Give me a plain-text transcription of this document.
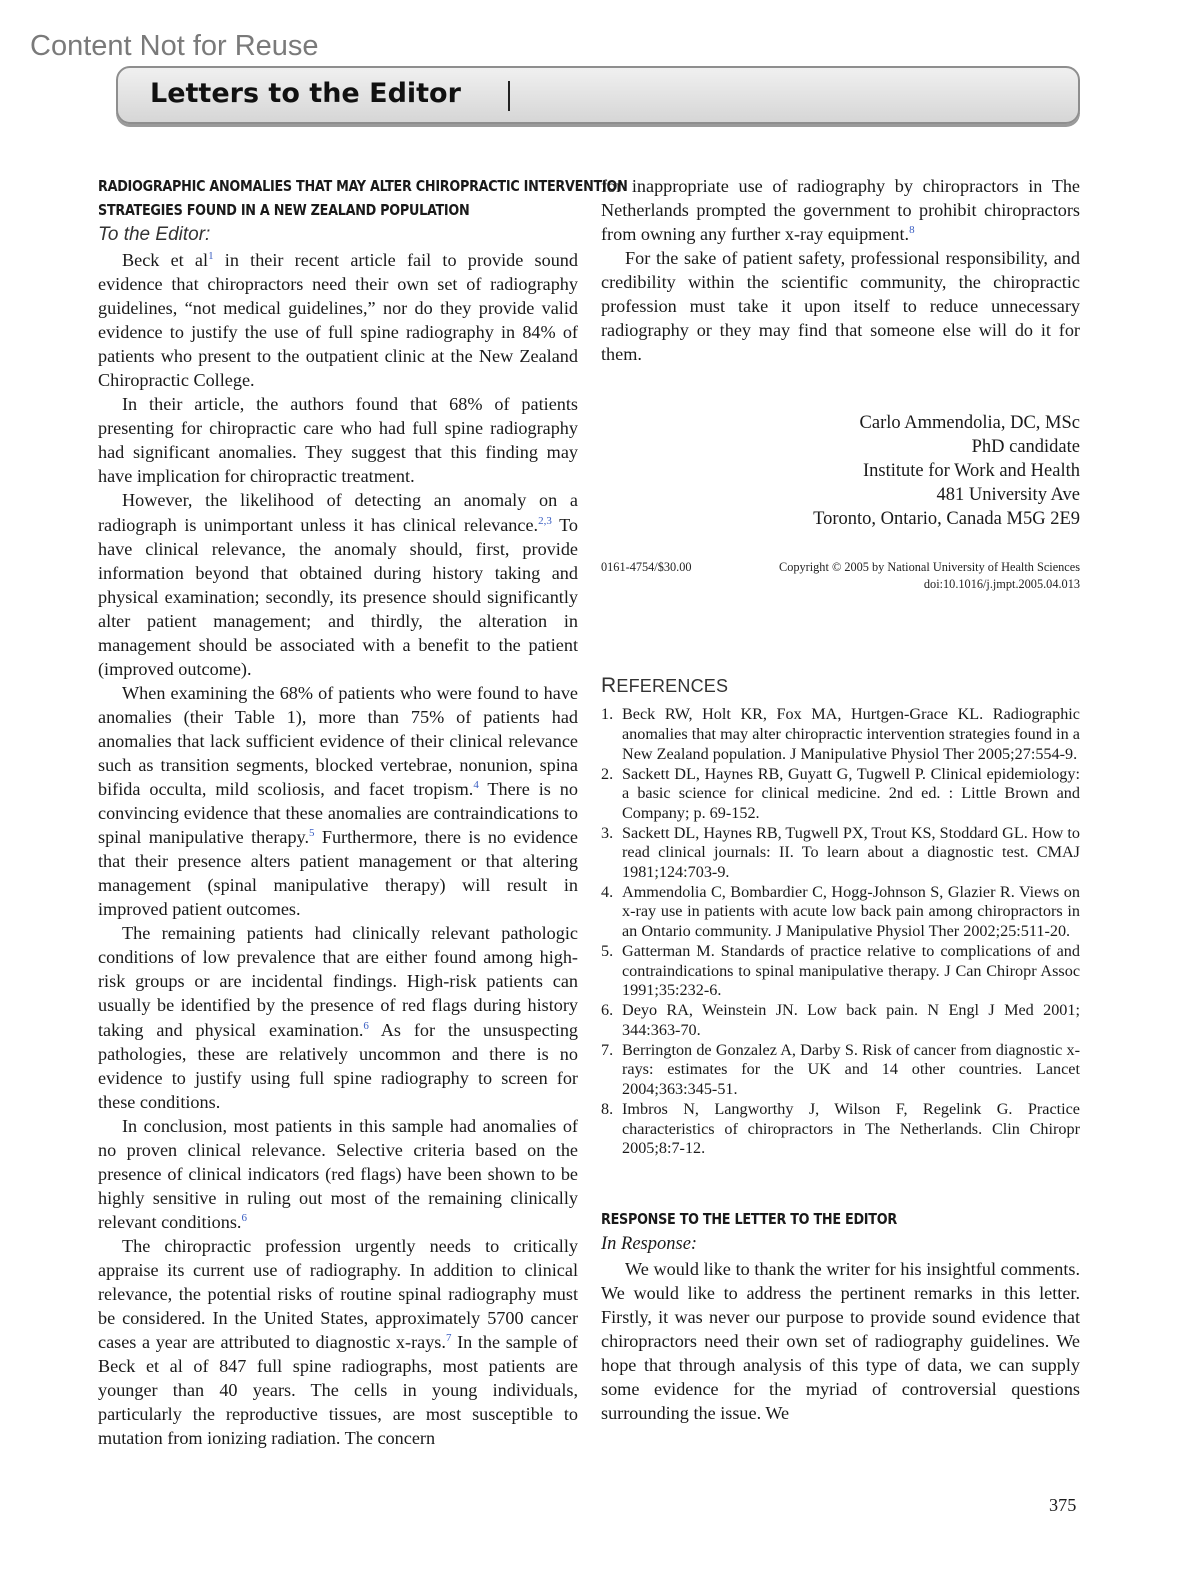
Content Not for Reuse
Letters to the Editor
RADIOGRAPHIC ANOMALIES THAT MAY ALTER CHIROPRACTIC INTERVENTION
STRATEGIES FOUND IN A NEW ZEALAND POPULATION
To the Editor:

Beck et $al^1$ in their recent article fail to provide sound evidence that chiropractors need their own set of radiography guidelines, “not medical guidelines,” nor do they provide valid evidence to justify the use of full spine radiography in 84% of patients who present to the outpatient clinic at the New Zealand Chiropractic College.

In their article, the authors found that 68% of patients presenting for chiropractic care who had full spine radiography had significant anomalies. They suggest that this finding may have implication for chiropractic treatment.

However, the likelihood of detecting an anomaly on a radiograph is unimportant unless it has clinical relevance.$^{2,3}$ To have clinical relevance, the anomaly should, first, provide information beyond that obtained during history taking and physical examination; secondly, its presence should significantly alter patient management; and thirdly, the alteration in management should be associated with a benefit to the patient (improved outcome).

When examining the 68% of patients who were found to have anomalies (their Table 1), more than 75% of patients had anomalies that lack sufficient evidence of their clinical relevance such as transition segments, blocked vertebrae, nonunion, spina bifida occulta, mild scoliosis, and facet tropism.$^4$ There is no convincing evidence that these anomalies are contraindications to spinal manipulative therapy.$^5$ Furthermore, there is no evidence that their presence alters patient management or that altering management (spinal manipulative therapy) will result in improved patient outcomes.

The remaining patients had clinically relevant pathologic conditions of low prevalence that are either found among high-risk groups or are incidental findings. High-risk patients can usually be identified by the presence of red flags during history taking and physical examination.$^6$ As for the unsuspecting pathologies, these are relatively uncommon and there is no evidence to justify using full spine radiography to screen for these conditions.

In conclusion, most patients in this sample had anomalies of no proven clinical relevance. Selective criteria based on the presence of clinical indicators (red flags) have been shown to be highly sensitive in ruling out most of the remaining clinically relevant conditions.$^6$

The chiropractic profession urgently needs to critically appraise its current use of radiography. In addition to clinical relevance, the potential risks of routine spinal radiography must be considered. In the United States, approximately 5700 cancer cases a year are attributed to diagnostic x-rays.$^7$ In the sample of Beck et al of 847 full spine radiographs, most patients are younger than 40 years. The cells in young individuals, particularly the reproductive tissues, are most susceptible to mutation from ionizing radiation. The concern

for inappropriate use of radiography by chiropractors in The Netherlands prompted the government to prohibit chiropractors from owning any further x-ray equipment.$^8$

For the sake of patient safety, professional responsibility, and credibility within the scientific community, the chiropractic profession must take it upon itself to reduce unnecessary radiography or they may find that someone else will do it for them.

Carlo Ammendolia, DC, MSc
PhD candidate
Institute for Work and Health
481 University Ave
Toronto, Ontario, Canada M5G 2E9
0161-4754/$30.00	Copyright © 2005 by National University of Health Sciences
doi:10.1016/j.jmpt.2005.04.013
REFERENCES
1. Beck RW, Holt KR, Fox MA, Hurtgen-Grace KL. Radiographic anomalies that may alter chiropractic intervention strategies found in a New Zealand population. J Manipulative Physiol Ther 2005;27:554-9.
2. Sackett DL, Haynes RB, Guyatt G, Tugwell P. Clinical epidemiology: a basic science for clinical medicine. 2nd ed. : Little Brown and Company; p. 69-152.
3. Sackett DL, Haynes RB, Tugwell PX, Trout KS, Stoddard GL. How to read clinical journals: II. To learn about a diagnostic test. CMAJ 1981;124:703-9.
4. Ammendolia C, Bombardier C, Hogg-Johnson S, Glazier R. Views on x-ray use in patients with acute low back pain among chiropractors in an Ontario community. J Manipulative Physiol Ther 2002;25:511-20.
5. Gatterman M. Standards of practice relative to complications of and contraindications to spinal manipulative therapy. J Can Chiropr Assoc 1991;35:232-6.
6. Deyo RA, Weinstein JN. Low back pain. N Engl J Med 2001; 344:363-70.
7. Berrington de Gonzalez A, Darby S. Risk of cancer from diagnostic x-rays: estimates for the UK and 14 other countries. Lancet 2004;363:345-51.
8. Imbros N, Langworthy J, Wilson F, Regelink G. Practice characteristics of chiropractors in The Netherlands. Clin Chiropr 2005;8:7-12.
RESPONSE TO THE LETTER TO THE EDITOR
In Response:

We would like to thank the writer for his insightful comments. We would like to address the pertinent remarks in this letter. Firstly, it was never our purpose to provide sound evidence that chiropractors need their own set of radiography guidelines. We hope that through analysis of this type of data, we can supply some evidence for the myriad of controversial questions surrounding the issue. We

375
